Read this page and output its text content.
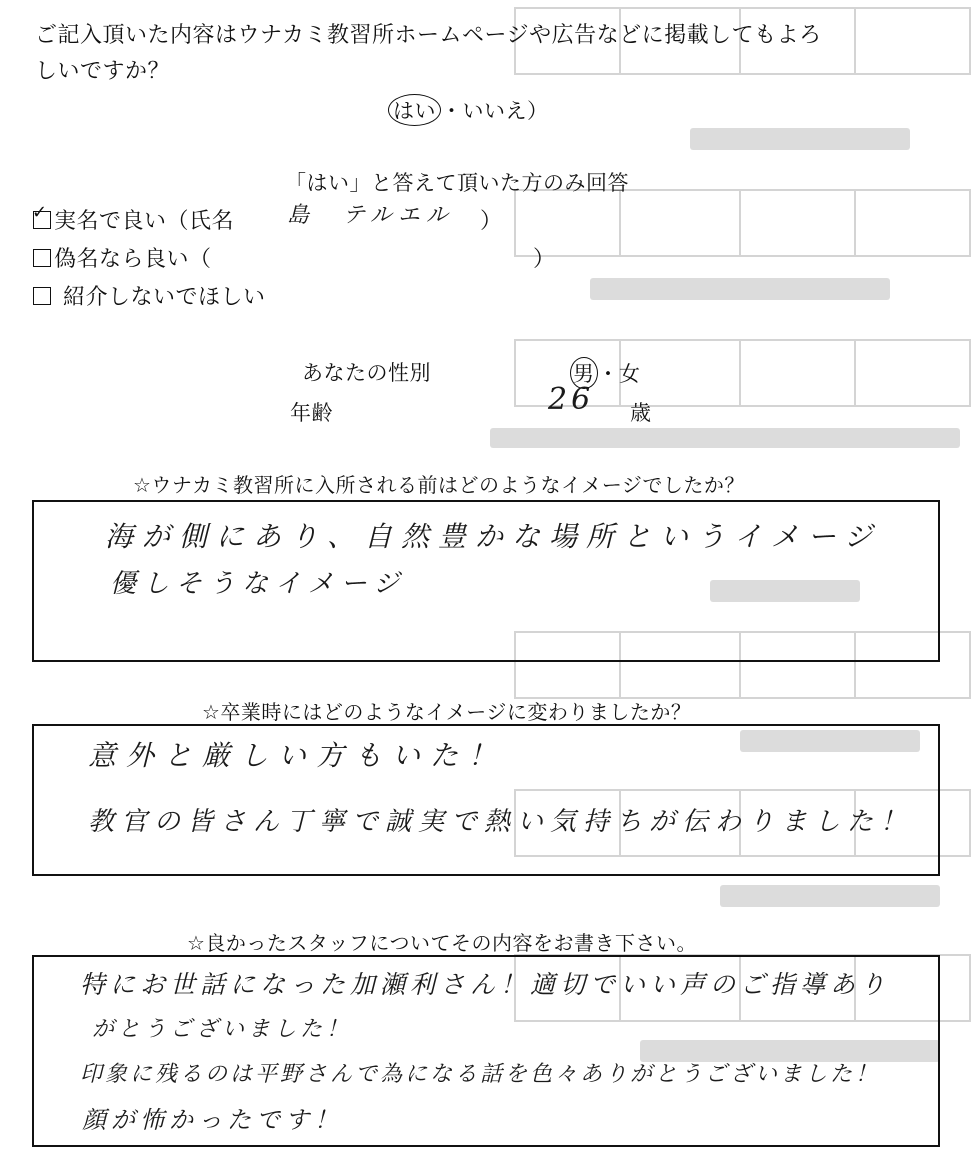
ご記入頂いた内容はウナカミ教習所ホームページや広告などに掲載してもよろ
しいですか？
はい ・いいえ）
「はい」と答えて頂いた方のみ回答
✓ 実名で良い（氏名 島　テルエル ）
偽名なら良い（	）
紹介しないでほしい
あなたの性別	男 ・女
年齢	26 歳
☆ウナカミ教習所に入所される前はどのようなイメージでしたか？
海が側にあり、自然豊かな場所というイメージ
優しそうなイメージ
☆卒業時にはどのようなイメージに変わりましたか？
意外と厳しい方もいた！
教官の皆さん丁寧で誠実で熱い気持ちが伝わりました！
☆良かったスタッフについてその内容をお書き下さい。
特にお世話になった加瀬利さん！適切でいい声のご指導あり
がとうございました！
印象に残るのは平野さんで為になる話を色々ありがとうございました！
顔が怖かったです！
